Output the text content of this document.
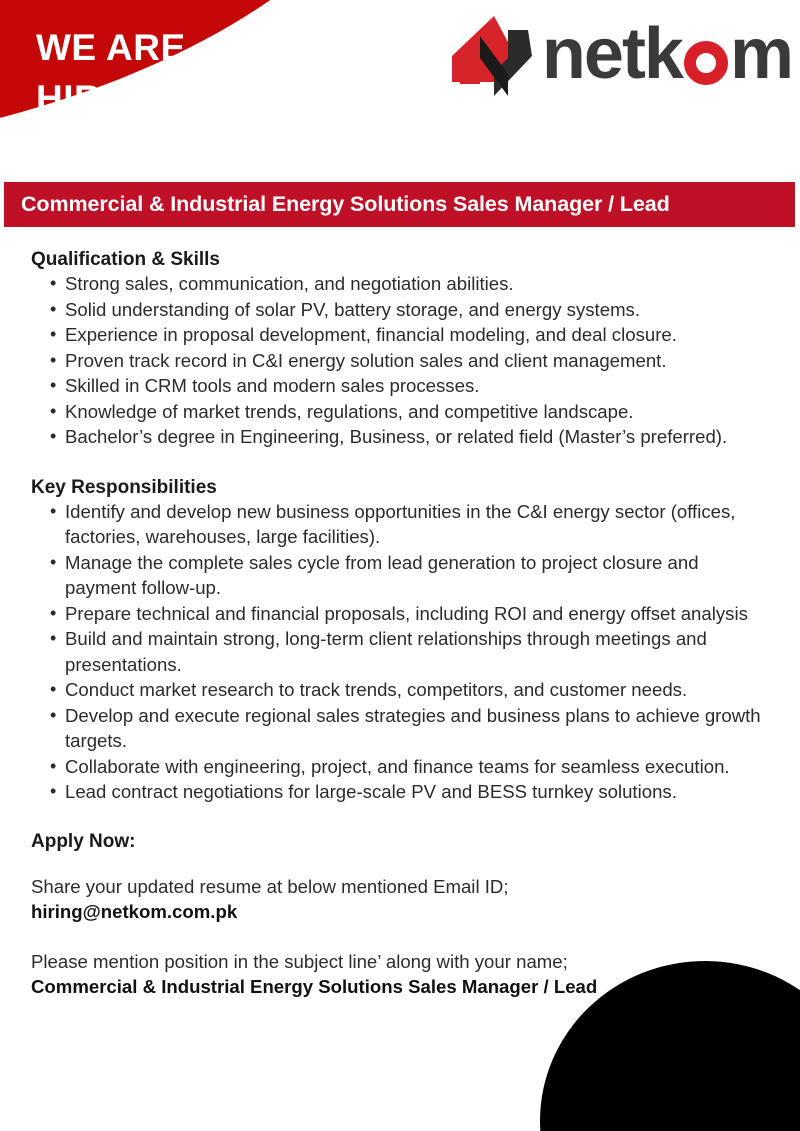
WE ARE
HIRING!
netk m
Commercial & Industrial Energy Solutions Sales Manager / Lead
Qualification & Skills
• Strong sales, communication, and negotiation abilities.
• Solid understanding of solar PV, battery storage, and energy systems.
• Experience in proposal development, financial modeling, and deal closure.
• Proven track record in C&I energy solution sales and client management.
• Skilled in CRM tools and modern sales processes.
• Knowledge of market trends, regulations, and competitive landscape.
• Bachelor’s degree in Engineering, Business, or related field (Master’s preferred).
Key Responsibilities
• Identify and develop new business opportunities in the C&I energy sector (offices, factories, warehouses, large facilities).
• Manage the complete sales cycle from lead generation to project closure and payment follow-up.
• Prepare technical and financial proposals, including ROI and energy offset analysis
• Build and maintain strong, long-term client relationships through meetings and presentations.
• Conduct market research to track trends, competitors, and customer needs.
• Develop and execute regional sales strategies and business plans to achieve growth targets.
• Collaborate with engineering, project, and finance teams for seamless execution.
• Lead contract negotiations for large-scale PV and BESS turnkey solutions.
Apply Now:
Share your updated resume at below mentioned Email ID;
hiring@netkom.com.pk
Please mention position in the subject line’ along with your name;
Commercial & Industrial Energy Solutions Sales Manager / Lead
